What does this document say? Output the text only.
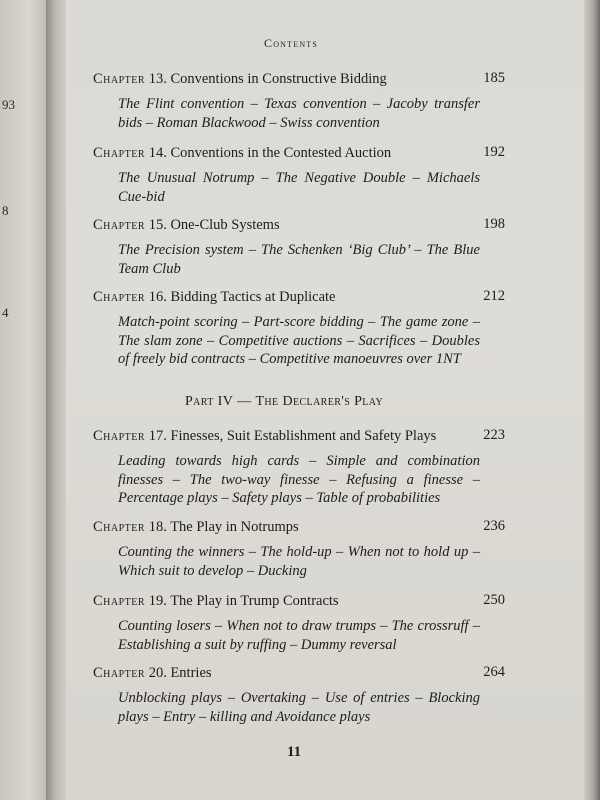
93
8
4
Contents
Chapter 13. Conventions in Constructive Bidding	185
The Flint convention – Texas convention – Jacoby transfer bids – Roman Blackwood – Swiss convention
Chapter 14. Conventions in the Contested Auction	192
The Unusual Notrump – The Negative Double – Michaels Cue-bid
Chapter 15. One-Club Systems	198
The Precision system – The Schenken ‘Big Club’ – The Blue Team Club
Chapter 16. Bidding Tactics at Duplicate	212
Match-point scoring – Part-score bidding – The game zone – The slam zone – Competitive auctions – Sacrifices – Doubles of freely bid contracts – Competitive manoeuvres over 1NT
Part IV — The Declarer's Play
Chapter 17. Finesses, Suit Establishment and Safety Plays	223
Leading towards high cards – Simple and combination finesses – The two-way finesse – Refusing a finesse – Percentage plays – Safety plays – Table of probabilities
Chapter 18. The Play in Notrumps	236
Counting the winners – The hold-up – When not to hold up – Which suit to develop – Ducking
Chapter 19. The Play in Trump Contracts	250
Counting losers – When not to draw trumps – The crossruff – Establishing a suit by ruffing – Dummy reversal
Chapter 20. Entries	264
Unblocking plays – Overtaking – Use of entries – Blocking plays – Entry – killing and Avoidance plays
11
